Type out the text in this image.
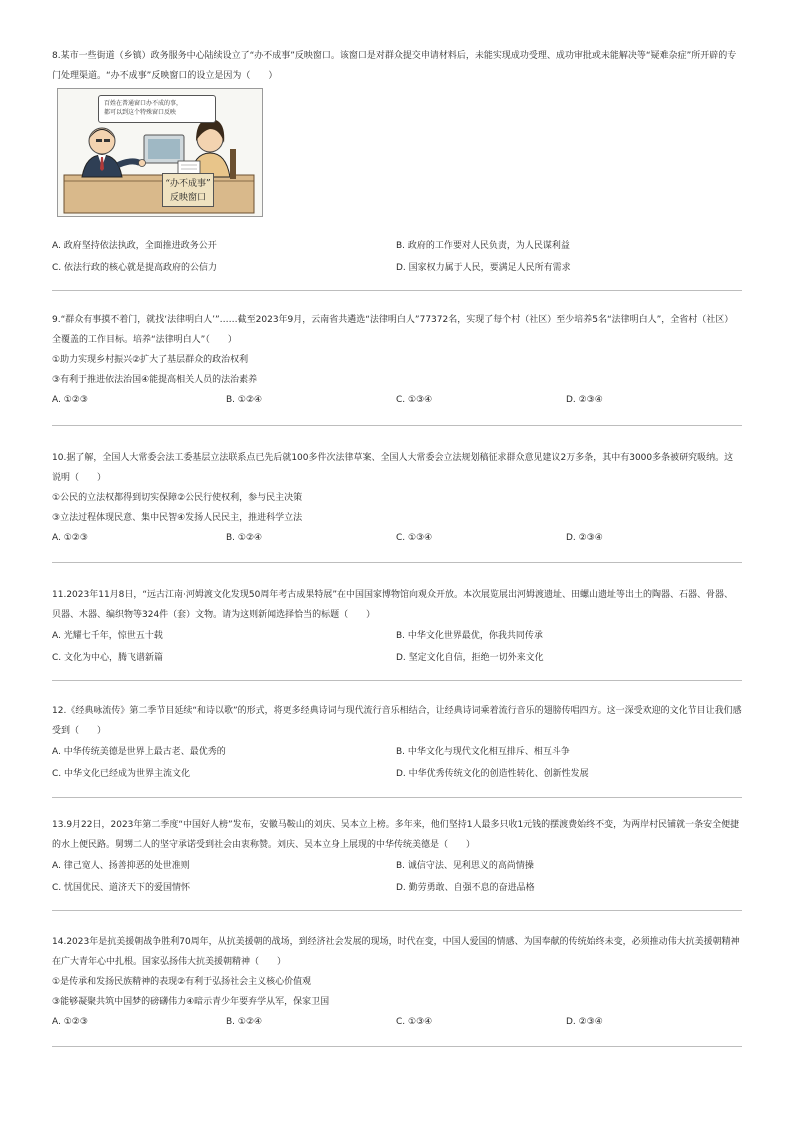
8.某市一些街道（乡镇）政务服务中心陆续设立了“办不成事”反映窗口。该窗口是对群众提交申请材料后，未能实现成功受理、成功审批或未能解决等“疑难杂症”所开辟的专门处理渠道。“办不成事”反映窗口的设立是因为（　　）

百姓在普通窗口办不成的事，
都可以到这个特殊窗口反映
“办不成事”
反映窗口
A. 政府坚持依法执政，全面推进政务公开	B. 政府的工作要对人民负责，为人民谋利益
C. 依法行政的核心就是提高政府的公信力	D. 国家权力属于人民，要满足人民所有需求

9.“群众有事摸不着门，就找‘法律明白人’”……截至2023年9月，云南省共遴选“法律明白人”77372名，实现了每个村（社区）至少培养5名“法律明白人”，全省村（社区）全覆盖的工作目标。培养“法律明白人”（　　）

①助力实现乡村振兴②扩大了基层群众的政治权利

③有利于推进依法治国④能提高相关人员的法治素养

A. ①②③	B. ①②④	C. ①③④	D. ②③④

10.据了解，全国人大常委会法工委基层立法联系点已先后就100多件次法律草案、全国人大常委会立法规划稿征求群众意见建议2万多条，其中有3000多条被研究吸纳。这说明（　　）

①公民的立法权都得到切实保障②公民行使权利，参与民主决策

③立法过程体现民意、集中民智④发扬人民民主，推进科学立法

A. ①②③	B. ①②④	C. ①③④	D. ②③④

11.2023年11月8日，“远古江南·河姆渡文化发现50周年考古成果特展”在中国国家博物馆向观众开放。本次展览展出河姆渡遗址、田螺山遗址等出土的陶器、石器、骨器、贝器、木器、编织物等324件（套）文物。请为这则新闻选择恰当的标题（　　）

A. 光耀七千年，惊世五十载	B. 中华文化世界最优，你我共同传承
C. 文化为中心，腾飞谱新篇	D. 坚定文化自信，拒绝一切外来文化

12.《经典咏流传》第二季节目延续“和诗以歌”的形式，将更多经典诗词与现代流行音乐相结合，让经典诗词乘着流行音乐的翅膀传唱四方。这一深受欢迎的文化节目让我们感受到（　　）

A. 中华传统美德是世界上最古老、最优秀的	B. 中华文化与现代文化相互排斥、相互斗争
C. 中华文化已经成为世界主流文化	D. 中华优秀传统文化的创造性转化、创新性发展

13.9月22日，2023年第二季度“中国好人榜”发布，安徽马鞍山的刘庆、吴本立上榜。多年来，他们坚持1人最多只收1元钱的摆渡费始终不变，为两岸村民铺就一条安全便捷的水上便民路。舅甥二人的坚守承诺受到社会由衷称赞。刘庆、吴本立身上展现的中华传统美德是（　　）

A. 律己宽人、扬善抑恶的处世准则	B. 诚信守法、见利思义的高尚情操
C. 忧国优民、道济天下的爱国情怀	D. 勤劳勇敢、自强不息的奋进品格

14.2023年是抗美援朝战争胜利70周年，从抗美援朝的战场，到经济社会发展的现场，时代在变，中国人爱国的情感、为国奉献的传统始终未变，必须推动伟大抗美援朝精神在广大青年心中扎根。国家弘扬伟大抗美援朝精神（　　）

①是传承和发扬民族精神的表现②有利于弘扬社会主义核心价值观

③能够凝聚共筑中国梦的磅礴伟力④暗示青少年要弃学从军，保家卫国

A. ①②③	B. ①②④	C. ①③④	D. ②③④
